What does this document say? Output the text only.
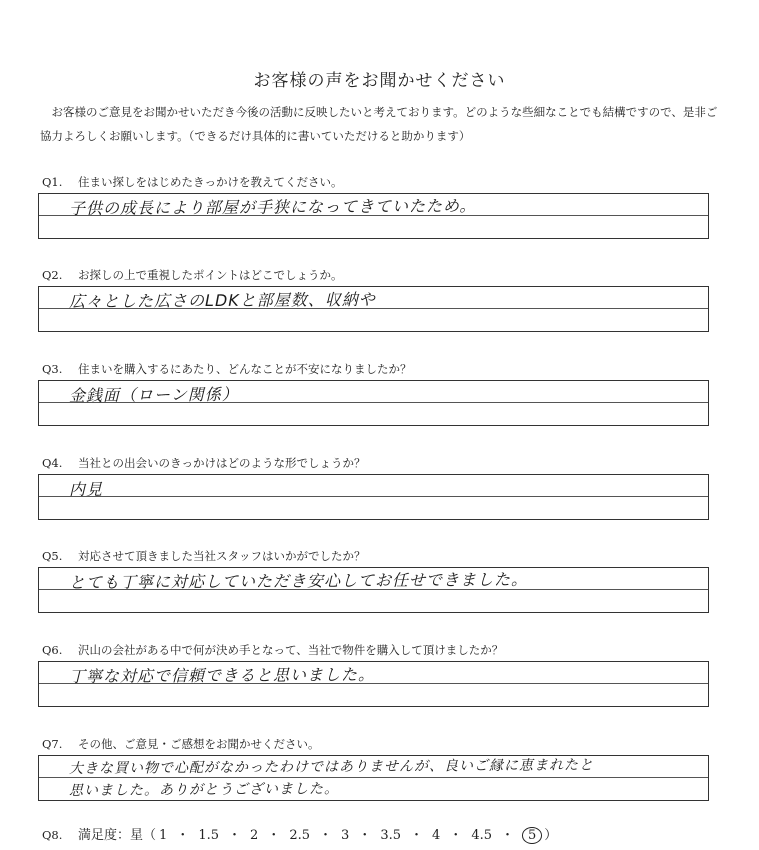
お客様の声をお聞かせください
お客様のご意見をお聞かせいただき今後の活動に反映したいと考えております。どのような些細なことでも結構ですので、是非ご協力よろしくお願いします。（できるだけ具体的に書いていただけると助かります）
Q1. 住まい探しをはじめたきっかけを教えてください。
子供の成長により部屋が手狭になってきていたため。
Q2. お探しの上で重視したポイントはどこでしょうか。
広々とした広さのLDKと部屋数、収納や
Q3. 住まいを購入するにあたり、どんなことが不安になりましたか？
金銭面（ローン関係）
Q4. 当社との出会いのきっかけはどのような形でしょうか？
内見
Q5. 対応させて頂きました当社スタッフはいかがでしたか？
とても丁寧に対応していただき安心してお任せできました。
Q6. 沢山の会社がある中で何が決め手となって、当社で物件を購入して頂けましたか？
丁寧な対応で信頼できると思いました。
Q7. その他、ご意見・ご感想をお聞かせください。
大きな買い物で心配がなかったわけではありませんが、良いご縁に恵まれたと
思いました。ありがとうございました。
Q8. 満足度：星（ 1 ・ 1.5 ・ 2 ・ 2.5 ・ 3 ・ 3.5 ・ 4 ・ 4.5 ・ 5 ）
